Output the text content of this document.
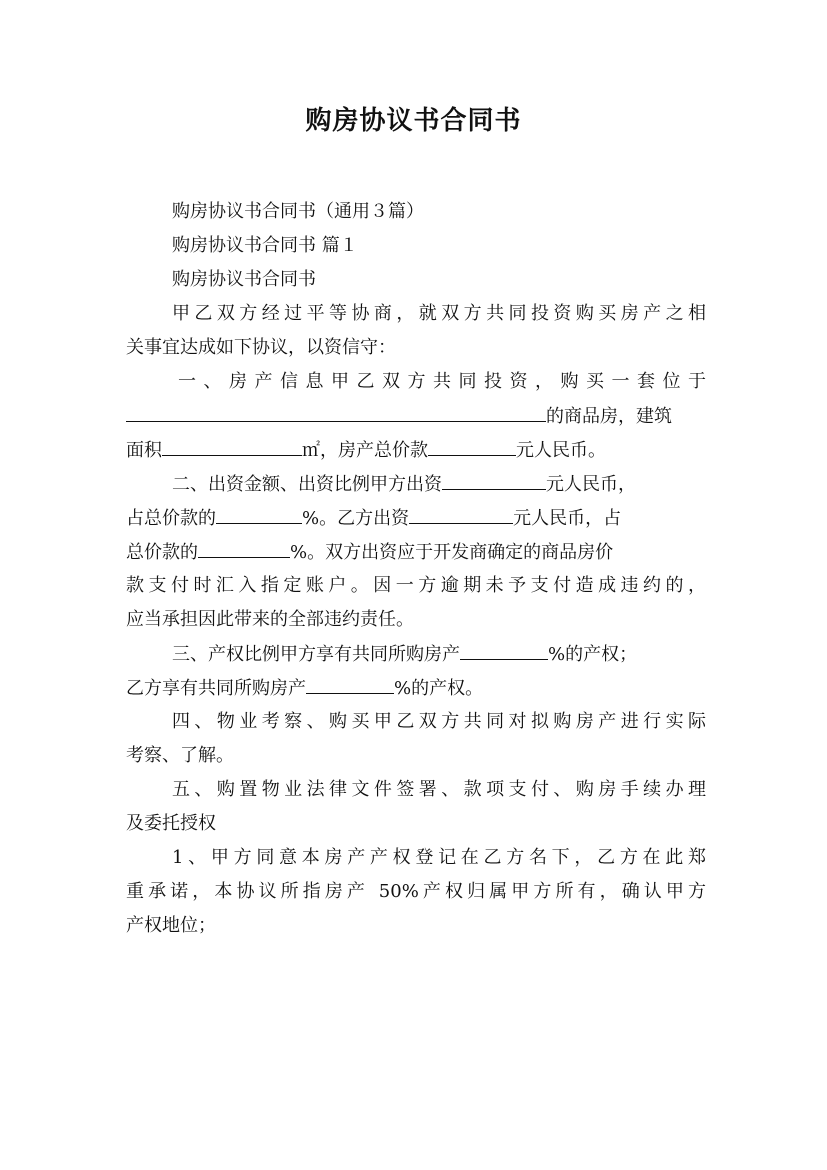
购房协议书合同书
购房协议书合同书（通用３篇）
购房协议书合同书 篇１
购房协议书合同书
甲乙双方经过平等协商，就双方共同投资购买房产之相
关事宜达成如下协议，以资信守：
一、房产信息甲乙双方共同投资，购买一套位于
的商品房，建筑
面积	㎡，房产总价款	元人民币。
二、出资金额、出资比例甲方出资	元人民币，
占总价款的	%。乙方出资	元人民币，占
总价款的	%。双方出资应于开发商确定的商品房价
款支付时汇入指定账户。因一方逾期未予支付造成违约的，
应当承担因此带来的全部违约责任。
三、产权比例甲方享有共同所购房产	%的产权；
乙方享有共同所购房产	%的产权。
四、物业考察、购买甲乙双方共同对拟购房产进行实际
考察、了解。
五、购置物业法律文件签署、款项支付、购房手续办理
及委托授权
1、甲方同意本房产产权登记在乙方名下，乙方在此郑
重承诺，本协议所指房产 50%产权归属甲方所有，确认甲方
产权地位；
